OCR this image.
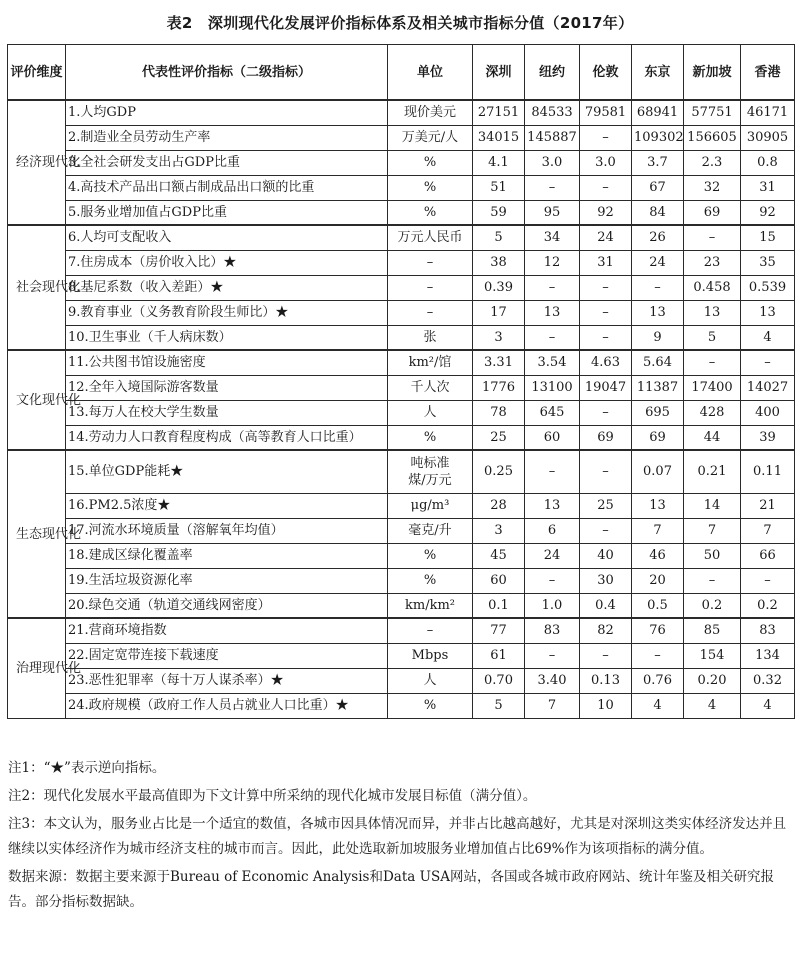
表2　深圳现代化发展评价指标体系及相关城市指标分值（2017年）
评价维度	代表性评价指标（二级指标）	单位	深圳	纽约	伦敦	东京	新加坡	香港
经济现代化	1.人均GDP	现价美元	27151	84533	79581	68941	57751	46171
	2.制造业全员劳动生产率	万美元/人	34015	145887	–	109302	156605	30905
	3.全社会研发支出占GDP比重	%	4.1	3.0	3.0	3.7	2.3	0.8
	4.高技术产品出口额占制成品出口额的比重	%	51	–	–	67	32	31
	5.服务业增加值占GDP比重	%	59	95	92	84	69	92
社会现代化	6.人均可支配收入	万元人民币	5	34	24	26	–	15
	7.住房成本（房价收入比）★	–	38	12	31	24	23	35
	8.基尼系数（收入差距）★	–	0.39	–	–	–	0.458	0.539
	9.教育事业（义务教育阶段生师比）★	–	17	13	–	13	13	13
	10.卫生事业（千人病床数）	张	3	–	–	9	5	4
文化现代化	11.公共图书馆设施密度	km²/馆	3.31	3.54	4.63	5.64	–	–
	12.全年入境国际游客数量	千人次	1776	13100	19047	11387	17400	14027
	13.每万人在校大学生数量	人	78	645	–	695	428	400
	14.劳动力人口教育程度构成（高等教育人口比重）	%	25	60	69	69	44	39
生态现代化	15.单位GDP能耗★	吨标准煤/万元	0.25	–	–	0.07	0.21	0.11
	16.PM2.5浓度★	μg/m³	28	13	25	13	14	21
	17.河流水环境质量（溶解氧年均值）	毫克/升	3	6	–	7	7	7
	18.建成区绿化覆盖率	%	45	24	40	46	50	66
	19.生活垃圾资源化率	%	60	–	30	20	–	–
	20.绿色交通（轨道交通线网密度）	km/km²	0.1	1.0	0.4	0.5	0.2	0.2
治理现代化	21.营商环境指数	–	77	83	82	76	85	83
	22.固定宽带连接下载速度	Mbps	61	–	–	–	154	134
	23.恶性犯罪率（每十万人谋杀率）★	人	0.70	3.40	0.13	0.76	0.20	0.32
	24.政府规模（政府工作人员占就业人口比重）★	%	5	7	10	4	4	4

注1：“★”表示逆向指标。

注2：现代化发展水平最高值即为下文计算中所采纳的现代化城市发展目标值（满分值）。

注3：本文认为，服务业占比是一个适宜的数值，各城市因具体情况而异，并非占比越高越好，尤其是对深圳这类实体经济发达并且继续以实体经济作为城市经济支柱的城市而言。因此，此处选取新加坡服务业增加值占比69%作为该项指标的满分值。

数据来源：数据主要来源于Bureau of Economic Analysis和Data USA网站，各国或各城市政府网站、统计年鉴及相关研究报告。部分指标数据缺。
